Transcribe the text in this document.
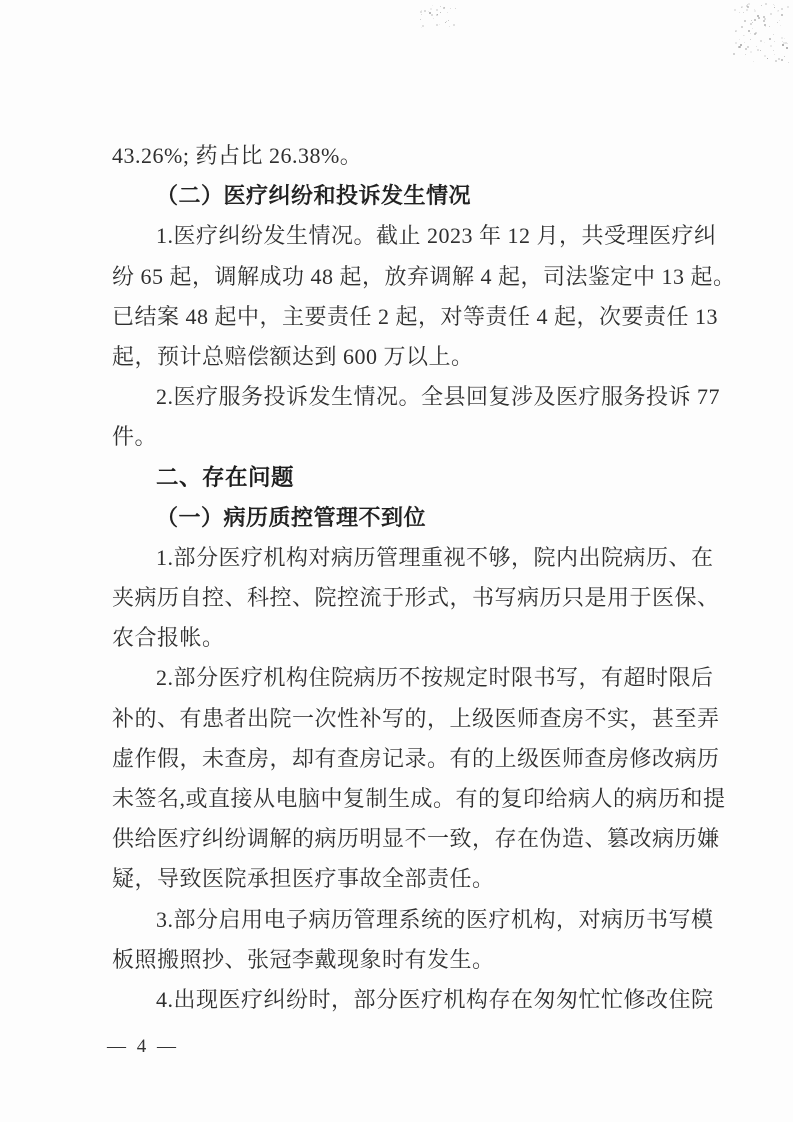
43.26%; 药占比 26.38%。
（二）医疗纠纷和投诉发生情况
1.医疗纠纷发生情况。截止 2023 年 12 月，共受理医疗纠
纷 65 起，调解成功 48 起，放弃调解 4 起，司法鉴定中 13 起。
已结案 48 起中，主要责任 2 起，对等责任 4 起，次要责任 13
起，预计总赔偿额达到 600 万以上。
2.医疗服务投诉发生情况。全县回复涉及医疗服务投诉 77
件。
二、存在问题
（一）病历质控管理不到位
1.部分医疗机构对病历管理重视不够，院内出院病历、在
夹病历自控、科控、院控流于形式，书写病历只是用于医保、
农合报帐。
2.部分医疗机构住院病历不按规定时限书写，有超时限后
补的、有患者出院一次性补写的，上级医师查房不实，甚至弄
虚作假，未查房，却有查房记录。有的上级医师查房修改病历
未签名,或直接从电脑中复制生成。有的复印给病人的病历和提
供给医疗纠纷调解的病历明显不一致，存在伪造、篡改病历嫌
疑，导致医院承担医疗事故全部责任。
3.部分启用电子病历管理系统的医疗机构，对病历书写模
板照搬照抄、张冠李戴现象时有发生。
4.出现医疗纠纷时，部分医疗机构存在匆匆忙忙修改住院
— 4 —
